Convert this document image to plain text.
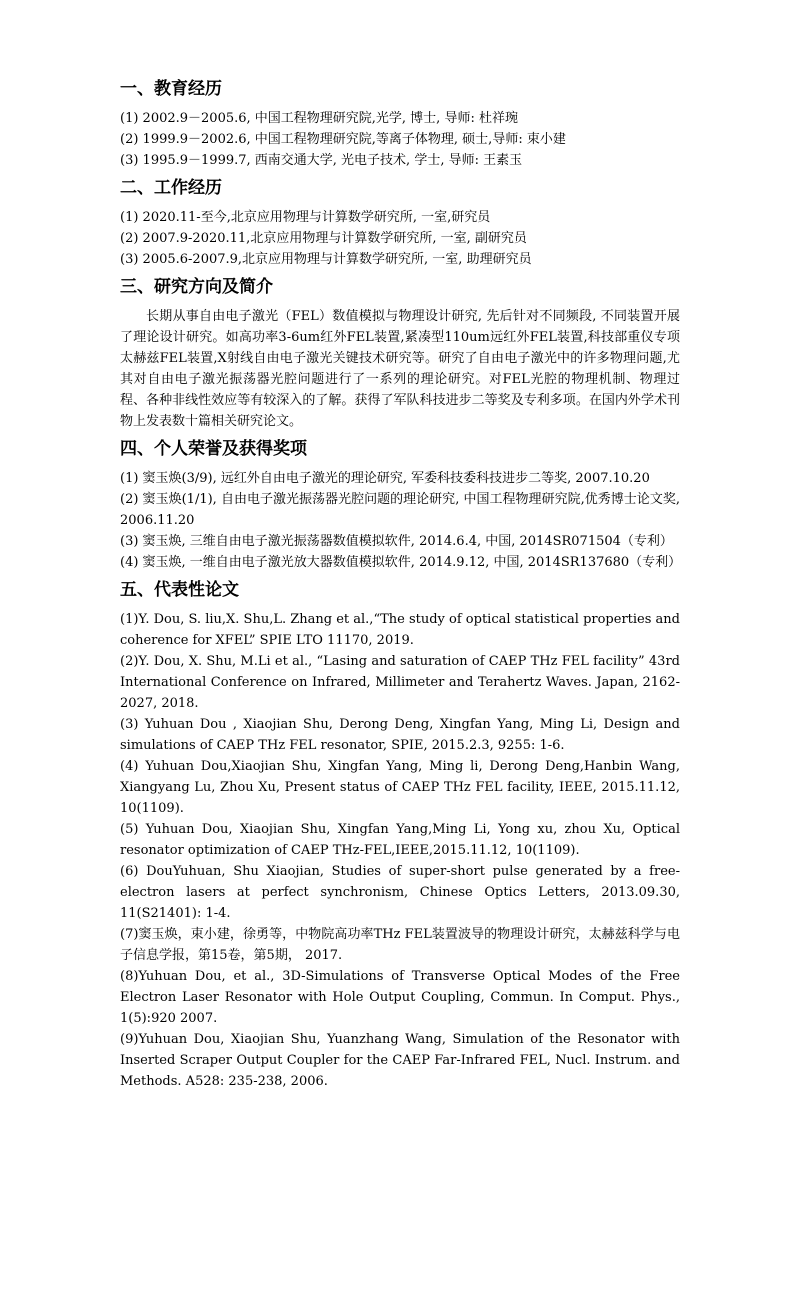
一、教育经历

(1) 2002.9－2005.6, 中国工程物理研究院,光学, 博士, 导师: 杜祥琬

(2) 1999.9－2002.6, 中国工程物理研究院,等离子体物理, 硕士,导师: 束小建

(3) 1995.9－1999.7, 西南交通大学, 光电子技术, 学士, 导师: 王素玉

二、工作经历

(1) 2020.11-至今,北京应用物理与计算数学研究所, 一室,研究员

(2) 2007.9-2020.11,北京应用物理与计算数学研究所, 一室, 副研究员

(3) 2005.6-2007.9,北京应用物理与计算数学研究所, 一室, 助理研究员

三、研究方向及简介

长期从事自由电子激光（FEL）数值模拟与物理设计研究, 先后针对不同频段, 不同装置开展了理论设计研究。如高功率3-6um红外FEL装置,紧凑型110um远红外FEL装置,科技部重仪专项太赫兹FEL装置,X射线自由电子激光关键技术研究等。研究了自由电子激光中的许多物理问题,尤其对自由电子激光振荡器光腔问题进行了一系列的理论研究。对FEL光腔的物理机制、物理过程、各种非线性效应等有较深入的了解。获得了军队科技进步二等奖及专利多项。在国内外学术刊物上发表数十篇相关研究论文。

四、个人荣誉及获得奖项

(1) 窦玉焕(3/9), 远红外自由电子激光的理论研究, 军委科技委科技进步二等奖, 2007.10.20

(2) 窦玉焕(1/1), 自由电子激光振荡器光腔问题的理论研究, 中国工程物理研究院,优秀博士论文奖, 2006.11.20

(3) 窦玉焕, 三维自由电子激光振荡器数值模拟软件, 2014.6.4, 中国, 2014SR071504（专利）

(4) 窦玉焕, 一维自由电子激光放大器数值模拟软件, 2014.9.12, 中国, 2014SR137680（专利）

五、代表性论文

(1)Y. Dou, S. liu,X. Shu,L. Zhang et al.,“The study of optical statistical properties and coherence for XFEL” SPIE LTO 11170, 2019.

(2)Y. Dou, X. Shu, M.Li et al., “Lasing and saturation of CAEP THz FEL facility” 43rd International Conference on Infrared, Millimeter and Terahertz Waves. Japan, 2162-2027, 2018.

(3) Yuhuan Dou , Xiaojian Shu, Derong Deng, Xingfan Yang, Ming Li, Design and simulations of CAEP THz FEL resonator, SPIE, 2015.2.3, 9255: 1-6.

(4) Yuhuan Dou,Xiaojian Shu, Xingfan Yang, Ming li, Derong Deng,Hanbin Wang, Xiangyang Lu, Zhou Xu, Present status of CAEP THz FEL facility, IEEE, 2015.11.12, 10(1109).

(5) Yuhuan Dou, Xiaojian Shu, Xingfan Yang,Ming Li, Yong xu, zhou Xu, Optical resonator optimization of CAEP THz-FEL,IEEE,2015.11.12, 10(1109).

(6) DouYuhuan, Shu Xiaojian, Studies of super-short pulse generated by a free-electron lasers at perfect synchronism, Chinese Optics Letters, 2013.09.30, 11(S21401): 1-4.

(7)窦玉焕，束小建，徐勇等，中物院高功率THz FEL装置波导的物理设计研究，太赫兹科学与电子信息学报，第15卷，第5期， 2017.

(8)Yuhuan Dou, et al., 3D-Simulations of Transverse Optical Modes of the Free Electron Laser Resonator with Hole Output Coupling, Commun. In Comput. Phys., 1(5):920 2007.

(9)Yuhuan Dou, Xiaojian Shu, Yuanzhang Wang, Simulation of the Resonator with Inserted Scraper Output Coupler for the CAEP Far-Infrared FEL, Nucl. Instrum. and Methods. A528: 235-238, 2006.
